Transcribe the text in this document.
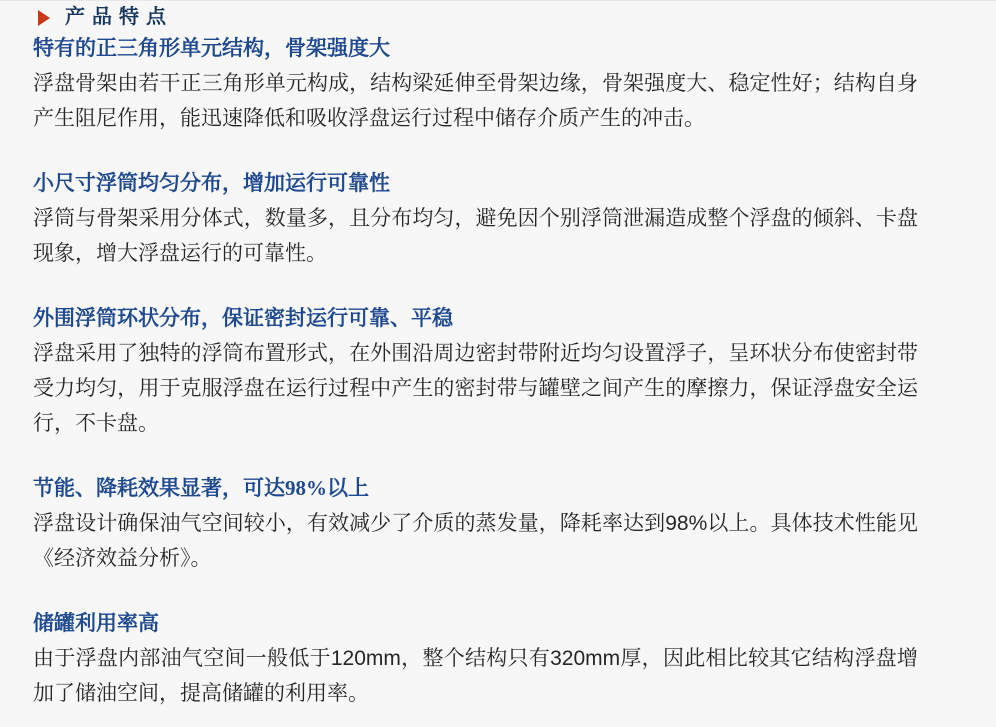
产品特点
特有的正三角形单元结构，骨架强度大

浮盘骨架由若干正三角形单元构成，结构梁延伸至骨架边缘，骨架强度大、稳定性好；结构自身产生阻尼作用，能迅速降低和吸收浮盘运行过程中储存介质产生的冲击。

小尺寸浮筒均匀分布，增加运行可靠性

浮筒与骨架采用分体式，数量多，且分布均匀，避免因个别浮筒泄漏造成整个浮盘的倾斜、卡盘现象，增大浮盘运行的可靠性。

外围浮筒环状分布，保证密封运行可靠、平稳

浮盘采用了独特的浮筒布置形式，在外围沿周边密封带附近均匀设置浮子，呈环状分布使密封带受力均匀，用于克服浮盘在运行过程中产生的密封带与罐壁之间产生的摩擦力，保证浮盘安全运行，不卡盘。

节能、降耗效果显著，可达98%以上

浮盘设计确保油气空间较小，有效减少了介质的蒸发量，降耗率达到98%以上。具体技术性能见《经济效益分析》。

储罐利用率高

由于浮盘内部油气空间一般低于120mm，整个结构只有320mm厚，因此相比较其它结构浮盘增加了储油空间，提高储罐的利用率。
